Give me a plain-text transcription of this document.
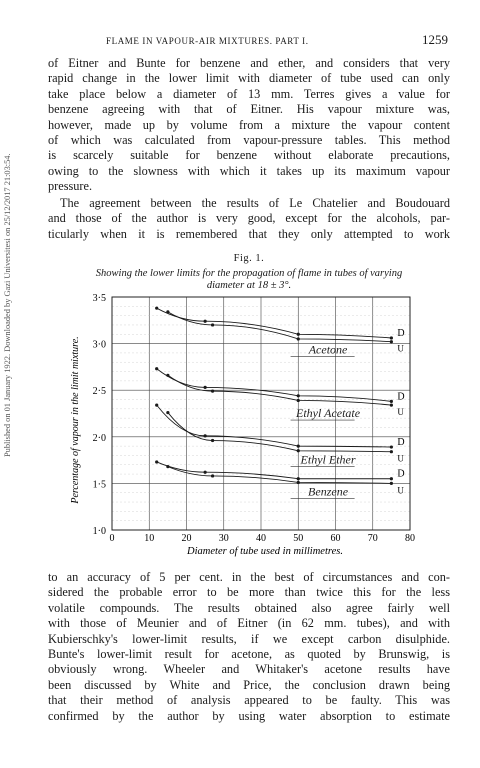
Published on 01 January 1922. Downloaded by Gazi Universitesi on 25/12/2017 21:03:54.
FLAME IN VAPOUR-AIR MIXTURES. PART I.	1259
of Eitner and Bunte for benzene and ether, and considers that very
rapid change in the lower limit with diameter of tube used can only
take place below a diameter of 13 mm. Terres gives a value for
benzene agreeing with that of Eitner. His vapour mixture was,
however, made up by volume from a mixture the vapour content
of which was calculated from vapour-pressure tables. This method
is scarcely suitable for benzene without elaborate precautions,
owing to the slowness with which it takes up its maximum vapour
pressure.
The agreement between the results of Le Chatelier and Boudouard
and those of the author is very good, except for the alcohols, par-
ticularly when it is remembered that they only attempted to work
Fig. 1.
Showing the lower limits for the propagation of flame in tubes of varying
diameter at 18 ± 3°.
0	10	20	30	40	50	60	70	80
1·0
1·5
2·0
2·5
3·0
3·5
D
U
Acetone
D
U
Ethyl Acetate
D
U
Ethyl Ether
D
U
Benzene
Diameter of tube used in millimetres.
Percentage of vapour in the limit mixture.
to an accuracy of 5 per cent. in the best of circumstances and con-
sidered the probable error to be more than twice this for the less
volatile compounds. The results obtained also agree fairly well
with those of Meunier and of Eitner (in 62 mm. tubes), and with
Kubierschky's lower-limit results, if we except carbon disulphide.
Bunte's lower-limit result for acetone, as quoted by Brunswig, is
obviously wrong. Wheeler and Whitaker's acetone results have
been discussed by White and Price, the conclusion drawn being
that their method of analysis appeared to be faulty. This was
confirmed by the author by using water absorption to estimate
